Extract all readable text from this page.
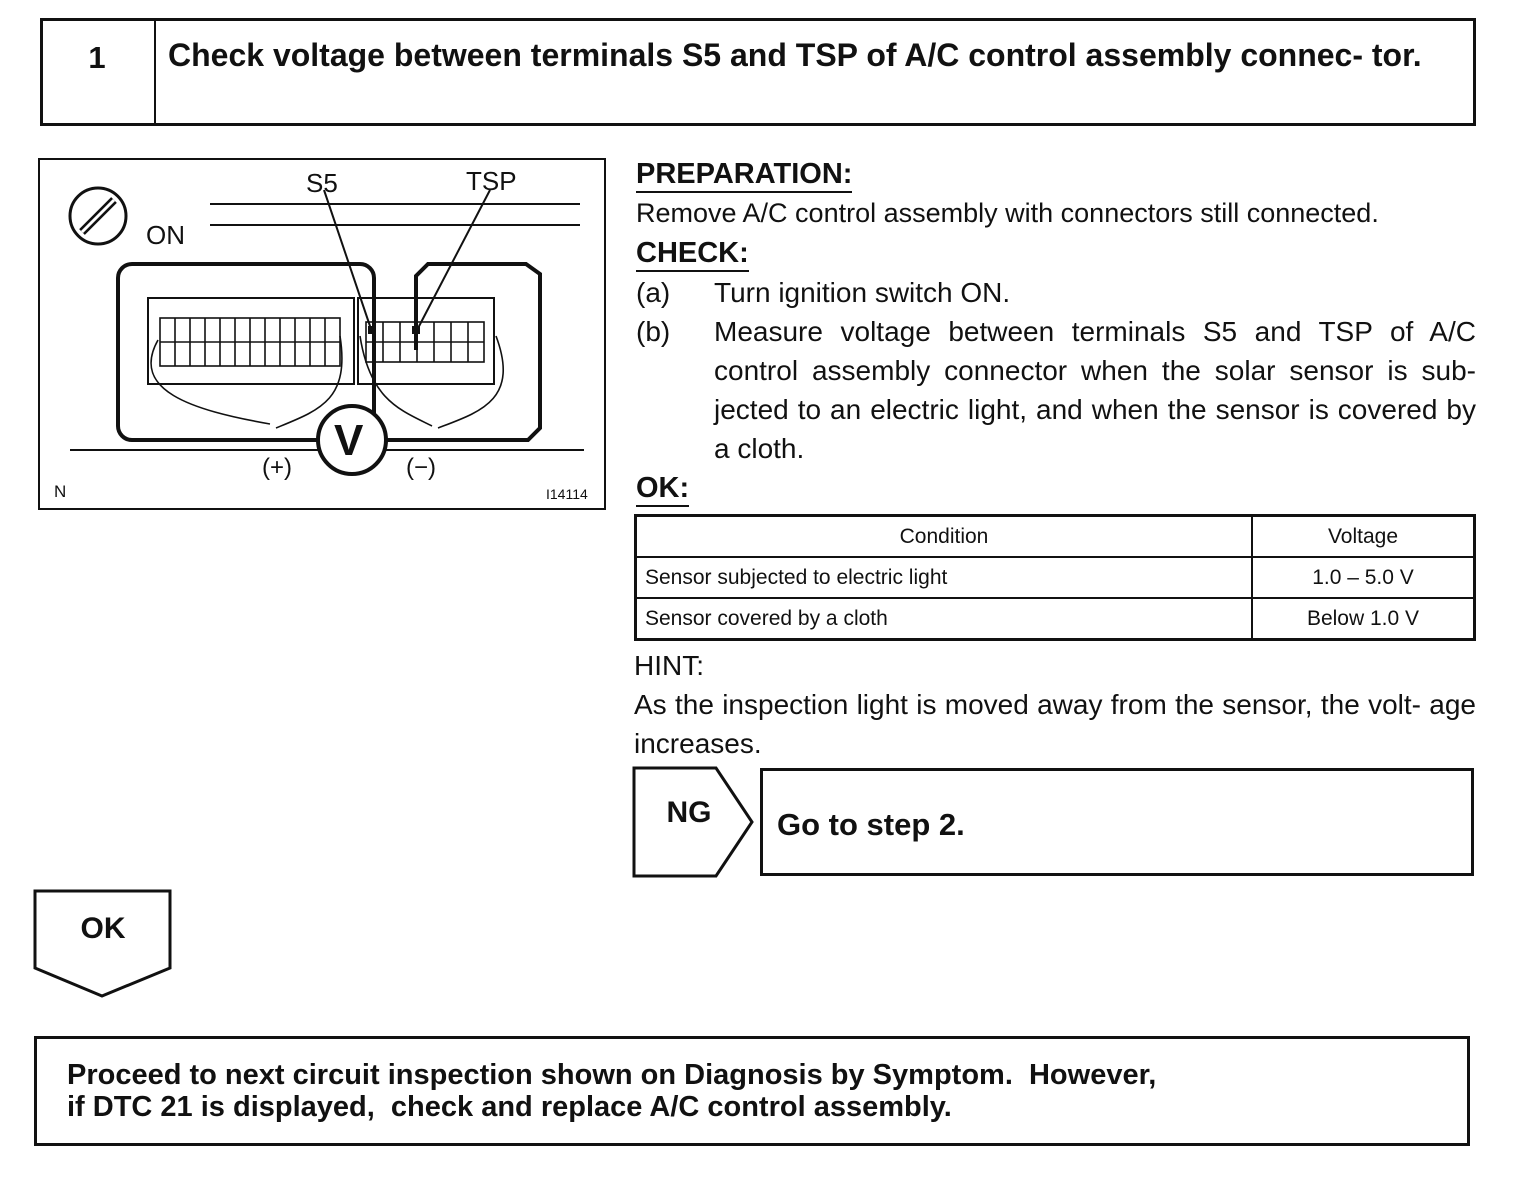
1	Check voltage between terminals S5 and TSP of A/C control assembly connec- tor.
S5	TSP
ON
V
(+)	(−)
N	I14114
PREPARATION:
Remove A/C control assembly with connectors still connected.
CHECK:
(a)	Turn ignition switch ON.
(b)	Measure voltage between terminals S5 and TSP of A/C control assembly connector when the solar sensor is sub- jected to an electric light, and when the sensor is covered by a cloth.
OK:
Condition	Voltage
Sensor subjected to electric light	1.0 – 5.0 V
Sensor covered by a cloth	Below 1.0 V
HINT:
As the inspection light is moved away from the sensor, the volt- age increases.
NG	Go to step 2.
OK
Proceed to next circuit inspection shown on Diagnosis by Symptom.  However,
if DTC 21 is displayed,  check and replace A/C control assembly.
